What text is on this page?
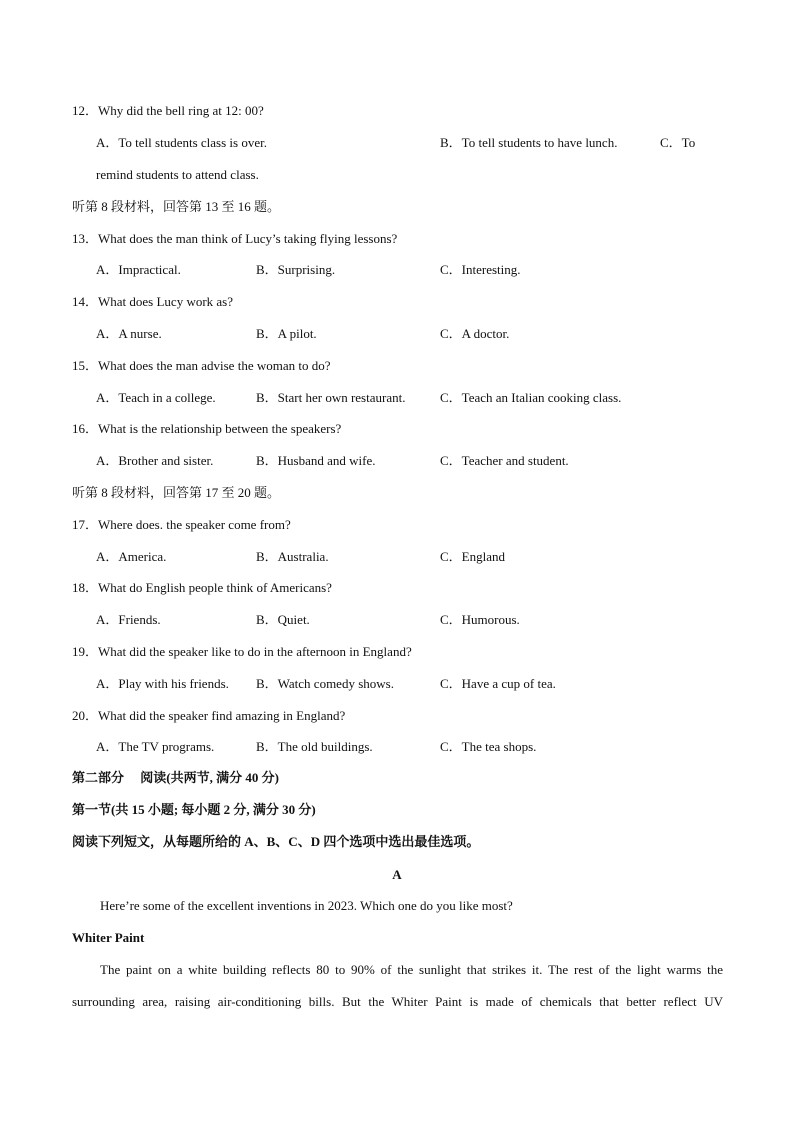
12．Why did the bell ring at 12: 00?
A．To tell students class is over.	B．To tell students to have lunch.	C．To
remind students to attend class.
听第 8 段材料，回答第 13 至 16 题。
13．What does the man think of Lucy’s taking flying lessons?
A．Impractical.	B．Surprising.	C．Interesting.
14．What does Lucy work as?
A．A nurse.	B．A pilot.	C．A doctor.
15．What does the man advise the woman to do?
A．Teach in a college.	B．Start her own restaurant.	C．Teach an Italian cooking class.
16．What is the relationship between the speakers?
A．Brother and sister.	B．Husband and wife.	C．Teacher and student.
听第 8 段材料，回答第 17 至 20 题。
17．Where does. the speaker come from?
A．America.	B．Australia.	C．England
18．What do English people think of Americans?
A．Friends.	B．Quiet.	C．Humorous.
19．What did the speaker like to do in the afternoon in England?
A．Play with his friends. B．Watch comedy shows.	C．Have a cup of tea.
20．What did the speaker find amazing in England?
A．The TV programs.	B．The old buildings.	C．The tea shops.
第二部分　 阅读(共两节, 满分 40 分)
第一节(共 15 小题; 每小题 2 分, 满分 30 分)
阅读下列短文，从每题所给的 A、B、C、D 四个选项中选出最佳选项。
A
Here’re some of the excellent inventions in 2023. Which one do you like most?
Whiter Paint
The paint on a white building reflects 80 to 90% of the sunlight that strikes it. The rest of the light warms the
surrounding area, raising air-conditioning bills. But the Whiter Paint is made of chemicals that better reflect UV
